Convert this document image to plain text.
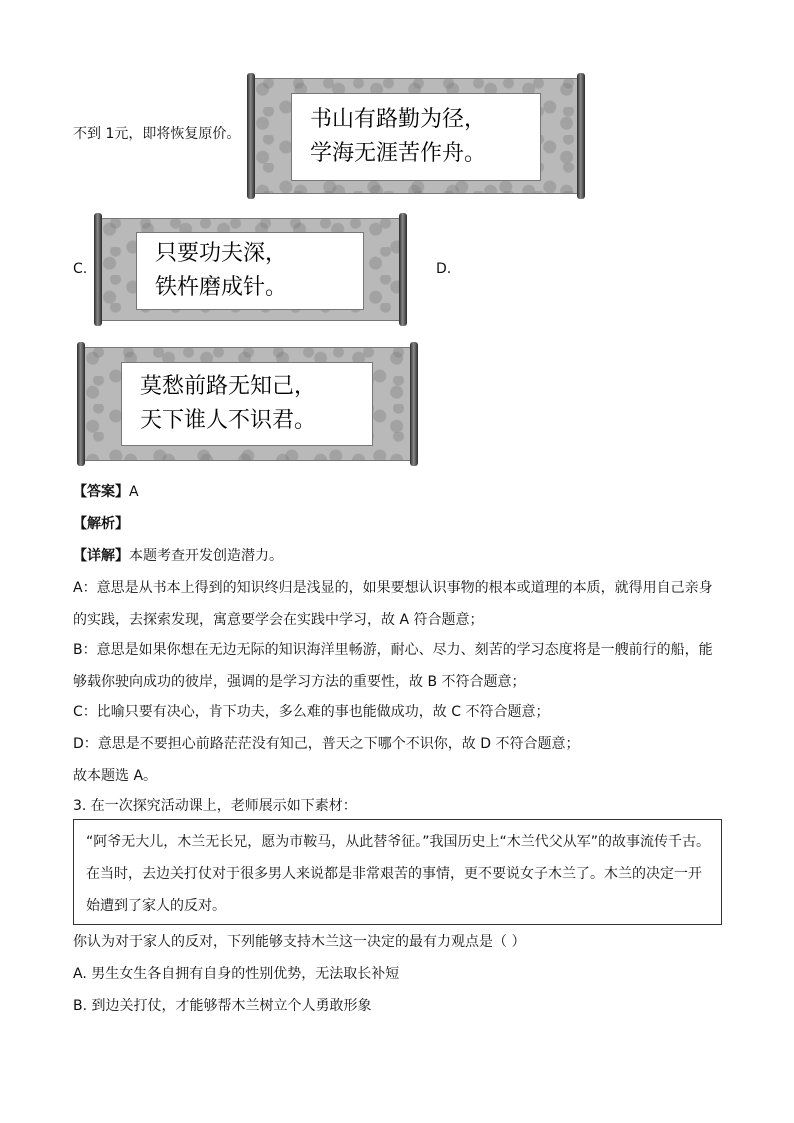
不到 1元，即将恢复原价。
书山有路勤为径，
学海无涯苦作舟。
C.
只要功夫深，
铁杵磨成针。
D.
莫愁前路无知己，
天下谁人不识君。
【答案】A
【解析】
【详解】本题考查开发创造潜力。
A：意思是从书本上得到的知识终归是浅显的，如果要想认识事物的根本或道理的本质，就得用自己亲身的实践，去探索发现，寓意要学会在实践中学习，故 A 符合题意；
B：意思是如果你想在无边无际的知识海洋里畅游，耐心、尽力、刻苦的学习态度将是一艘前行的船，能够载你驶向成功的彼岸，强调的是学习方法的重要性，故 B 不符合题意；
C：比喻只要有决心，肯下功夫，多么难的事也能做成功，故 C 不符合题意；
D：意思是不要担心前路茫茫没有知己，普天之下哪个不识你，故 D 不符合题意；
故本题选 A。
3. 在一次探究活动课上，老师展示如下素材：
“阿爷无大儿，木兰无长兄，愿为市鞍马，从此替爷征。”我国历史上“木兰代父从军”的故事流传千古。在当时，去边关打仗对于很多男人来说都是非常艰苦的事情，更不要说女子木兰了。木兰的决定一开始遭到了家人的反对。
你认为对于家人的反对，下列能够支持木兰这一决定的最有力观点是（ ）
A. 男生女生各自拥有自身的性别优势，无法取长补短
B. 到边关打仗，才能够帮木兰树立个人勇敢形象
